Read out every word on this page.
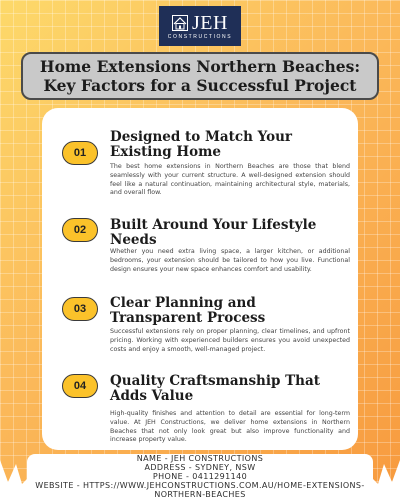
JEH
CONSTRUCTIONS
Home Extensions Northern Beaches:
Key Factors for a Successful Project
01
Designed to Match Your Existing Home
The best home extensions in Northern Beaches are those that blend seamlessly with your current structure. A well-designed extension should feel like a natural continuation, maintaining architectural style, materials, and overall flow.
02	Built Around Your Lifestyle Needs
Whether you need extra living space, a larger kitchen, or additional bedrooms, your extension should be tailored to how you live. Functional design ensures your new space enhances comfort and usability.
03	Clear Planning and Transparent Process
Successful extensions rely on proper planning, clear timelines, and upfront pricing. Working with experienced builders ensures you avoid unexpected costs and enjoy a smooth, well-managed project.
04	Quality Craftsmanship That Adds Value
High-quality finishes and attention to detail are essential for long-term value. At JEH Constructions, we deliver home extensions in Northern Beaches that not only look great but also improve functionality and increase property value.
NAME - JEH CONSTRUCTIONS
ADDRESS - SYDNEY, NSW
PHONE - 0411291140
WEBSITE - HTTPS://WWW.JEHCONSTRUCTIONS.COM.AU/HOME-EXTENSIONS-
NORTHERN-BEACHES
